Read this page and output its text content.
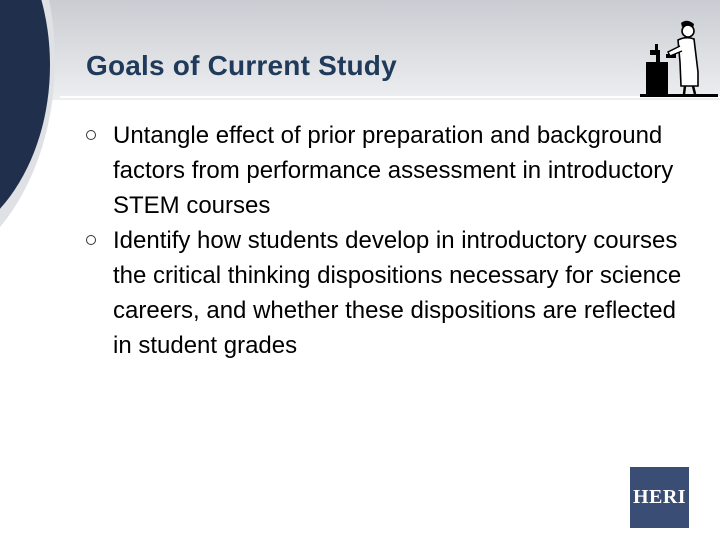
Goals of Current Study
Untangle effect of prior preparation and background factors from performance assessment in introductory STEM courses
Identify how students develop in introductory courses the critical thinking dispositions necessary for science careers, and whether these dispositions are reflected in student grades
HERI
